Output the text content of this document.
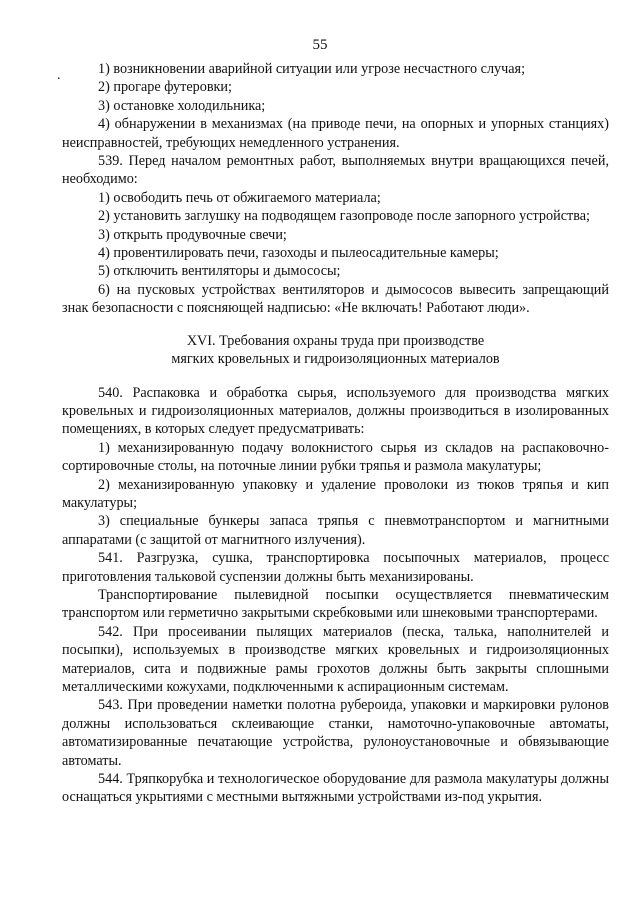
55
.	1) возникновении аварийной ситуации или угрозе несчастного случая;

2) прогаре футеровки;

3) остановке холодильника;

4) обнаружении в механизмах (на приводе печи, на опорных и упорных станциях) неисправностей, требующих немедленного устранения.

539. Перед началом ремонтных работ, выполняемых внутри вращающихся печей, необходимо:

1) освободить печь от обжигаемого материала;

2) установить заглушку на подводящем газопроводе после запорного устройства;

3) открыть продувочные свечи;

4) провентилировать печи, газоходы и пылеосадительные камеры;

5) отключить вентиляторы и дымососы;

6) на пусковых устройствах вентиляторов и дымососов вывесить запрещающий знак безопасности с поясняющей надписью: «Не включать! Работают люди».

XVI. Требования охраны труда при производстве
мягких кровельных и гидроизоляционных материалов

540. Распаковка и обработка сырья, используемого для производства мягких кровельных и гидроизоляционных материалов, должны производиться в изолированных помещениях, в которых следует предусматривать:

1) механизированную подачу волокнистого сырья из складов на распаковочно-сортировочные столы, на поточные линии рубки тряпья и размола макулатуры;

2) механизированную упаковку и удаление проволоки из тюков тряпья и кип макулатуры;

3) специальные бункеры запаса тряпья с пневмотранспортом и магнитными аппаратами (с защитой от магнитного излучения).

541. Разгрузка, сушка, транспортировка посыпочных материалов, процесс приготовления тальковой суспензии должны быть механизированы.

Транспортирование пылевидной посыпки осуществляется пневматическим транспортом или герметично закрытыми скребковыми или шнековыми транспортерами.

542. При просеивании пылящих материалов (песка, талька, наполнителей и посыпки), используемых в производстве мягких кровельных и гидроизоляционных материалов, сита и подвижные рамы грохотов должны быть закрыты сплошными металлическими кожухами, подключенными к аспирационным системам.

543. При проведении наметки полотна рубероида, упаковки и маркировки рулонов должны использоваться склеивающие станки, намоточно-упаковочные автоматы, автоматизированные печатающие устройства, рулоноустановочные и обвязывающие автоматы.

544. Тряпкорубка и технологическое оборудование для размола макулатуры должны оснащаться укрытиями с местными вытяжными устройствами из-под укрытия.
